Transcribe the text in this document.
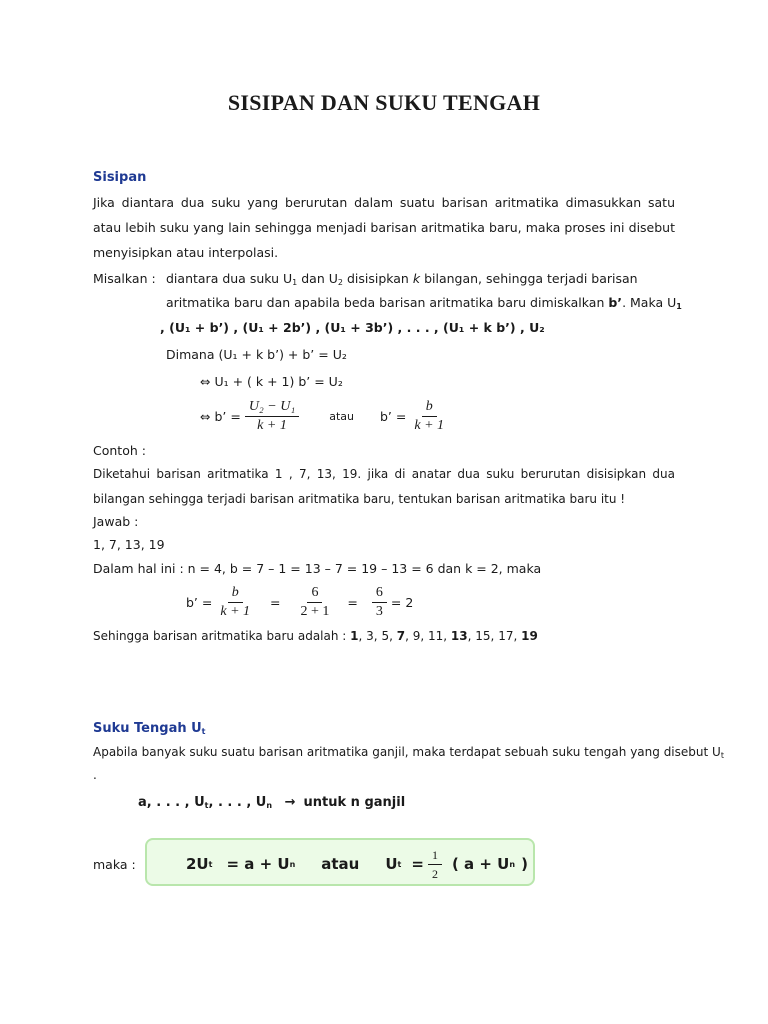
SISIPAN DAN SUKU TENGAH
Sisipan
Jika diantara dua suku yang berurutan dalam suatu barisan aritmatika dimasukkan satu atau lebih suku yang lain sehingga menjadi barisan aritmatika baru, maka proses ini disebut menyisipkan atau interpolasi.
Misalkan : diantara dua suku $U_1$ dan $U_2$ disisipkan k bilangan, sehingga terjadi barisan
aritmatika baru dan apabila beda barisan aritmatika baru dimiskalkan b’. Maka $U_1$
, (U₁ + b’) , (U₁ + 2b’) , (U₁ + 3b’) , . . . , (U₁ + k b’) , U₂
Dimana (U₁ + k b’) + b’ = U₂
⇔ U₁ + ( k + 1) b’ = U₂
⇔ b’ = $\frac{\text{U₂ − U₁}}{k + 1}$	atau b’ = $\frac{b}{k + 1}$
Contoh :
Diketahui barisan aritmatika 1 , 7, 13, 19. jika di anatar dua suku berurutan disisipkan dua bilangan sehingga terjadi barisan aritmatika baru, tentukan barisan aritmatika baru itu !
Jawab :
1, 7, 13, 19
Dalam hal ini : n = 4, b = 7 – 1 = 13 – 7 = 19 – 13 = 6 dan k = 2, maka
b’ = $\frac{b}{k + 1} = \frac{6}{2 + 1} = \frac{6}{3} = 2$
Sehingga barisan aritmatika baru adalah : 1, 3, 5, 7, 9, 11, 13, 15, 17, 19
Suku Tengah $U_t$
Apabila banyak suku suatu barisan aritmatika ganjil, maka terdapat sebuah suku tengah yang disebut $U_t$
.
a, . . . , $U_t$, . . . , $U_n$ → untuk n ganjil
maka :	2U t = a + U n atau U $t = \frac{1}{2}$ ( a + U n )
